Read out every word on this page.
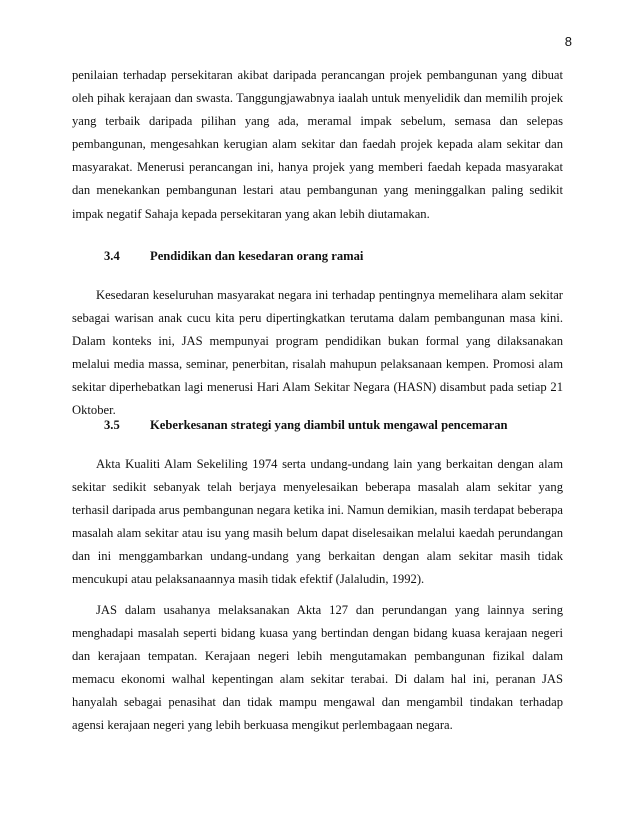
8

penilaian terhadap persekitaran akibat daripada perancangan projek pembangunan yang dibuat oleh pihak kerajaan dan swasta. Tanggungjawabnya iaalah untuk menyelidik dan memilih projek yang terbaik daripada pilihan yang ada, meramal impak sebelum, semasa dan selepas pembangunan, mengesahkan kerugian alam sekitar dan faedah projek kepada alam sekitar dan masyarakat. Menerusi perancangan ini, hanya projek yang memberi faedah kepada masyarakat dan menekankan pembangunan lestari atau pembangunan yang meninggalkan paling sedikit impak negatif Sahaja kepada persekitaran yang akan lebih diutamakan.

3.4 Pendidikan dan kesedaran orang ramai

Kesedaran keseluruhan masyarakat negara ini terhadap pentingnya memelihara alam sekitar sebagai warisan anak cucu kita peru dipertingkatkan terutama dalam pembangunan masa kini. Dalam konteks ini, JAS mempunyai program pendidikan bukan formal yang dilaksanakan melalui media massa, seminar, penerbitan, risalah mahupun pelaksanaan kempen. Promosi alam sekitar diperhebatkan lagi menerusi Hari Alam Sekitar Negara (HASN) disambut pada setiap 21 Oktober.

3.5 Keberkesanan strategi yang diambil untuk mengawal pencemaran

Akta Kualiti Alam Sekeliling 1974 serta undang-undang lain yang berkaitan dengan alam sekitar sedikit sebanyak telah berjaya menyelesaikan beberapa masalah alam sekitar yang terhasil daripada arus pembangunan negara ketika ini. Namun demikian, masih terdapat beberapa masalah alam sekitar atau isu yang masih belum dapat diselesaikan melalui kaedah perundangan dan ini menggambarkan undang-undang yang berkaitan dengan alam sekitar masih tidak mencukupi atau pelaksanaannya masih tidak efektif (Jalaludin, 1992).

JAS dalam usahanya melaksanakan Akta 127 dan perundangan yang lainnya sering menghadapi masalah seperti bidang kuasa yang bertindan dengan bidang kuasa kerajaan negeri dan kerajaan tempatan. Kerajaan negeri lebih mengutamakan pembangunan fizikal dalam memacu ekonomi walhal kepentingan alam sekitar terabai. Di dalam hal ini, peranan JAS hanyalah sebagai penasihat dan tidak mampu mengawal dan mengambil tindakan terhadap agensi kerajaan negeri yang lebih berkuasa mengikut perlembagaan negara.
